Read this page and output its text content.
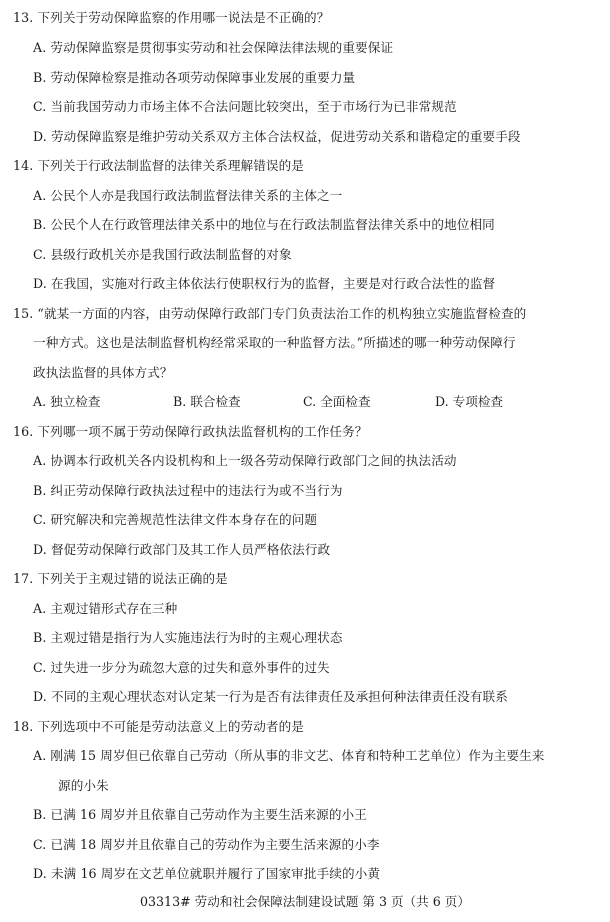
13. 下列关于劳动保障监察的作用哪一说法是不正确的？
A. 劳动保障监察是贯彻事实劳动和社会保障法律法规的重要保证
B. 劳动保障检察是推动各项劳动保障事业发展的重要力量
C. 当前我国劳动力市场主体不合法问题比较突出，至于市场行为已非常规范
D. 劳动保障监察是维护劳动关系双方主体合法权益，促进劳动关系和谐稳定的重要手段
14. 下列关于行政法制监督的法律关系理解错误的是
A. 公民个人亦是我国行政法制监督法律关系的主体之一
B. 公民个人在行政管理法律关系中的地位与在行政法制监督法律关系中的地位相同
C. 县级行政机关亦是我国行政法制监督的对象
D. 在我国，实施对行政主体依法行使职权行为的监督，主要是对行政合法性的监督
15. “就某一方面的内容，由劳动保障行政部门专门负责法治工作的机构独立实施监督检查的
一种方式。这也是法制监督机构经常采取的一种监督方法。”所描述的哪一种劳动保障行
政执法监督的具体方式？
A. 独立检查	B. 联合检查	C. 全面检查	D. 专项检查
16. 下列哪一项不属于劳动保障行政执法监督机构的工作任务？
A. 协调本行政机关各内设机构和上一级各劳动保障行政部门之间的执法活动
B. 纠正劳动保障行政执法过程中的违法行为或不当行为
C. 研究解决和完善规范性法律文件本身存在的问题
D. 督促劳动保障行政部门及其工作人员严格依法行政
17. 下列关于主观过错的说法正确的是
A. 主观过错形式存在三种
B. 主观过错是指行为人实施违法行为时的主观心理状态
C. 过失进一步分为疏忽大意的过失和意外事件的过失
D. 不同的主观心理状态对认定某一行为是否有法律责任及承担何种法律责任没有联系
18. 下列选项中不可能是劳动法意义上的劳动者的是
A. 刚满 15 周岁但已依靠自己劳动（所从事的非文艺、体育和特种工艺单位）作为主要生来
源的小朱
B. 已满 16 周岁并且依靠自己劳动作为主要生活来源的小王
C. 已满 18 周岁并且依靠自己的劳动作为主要生活来源的小李
D. 未满 16 周岁在文艺单位就职并履行了国家审批手续的小黄
03313# 劳动和社会保障法制建设试题 第 3 页（共 6 页）
